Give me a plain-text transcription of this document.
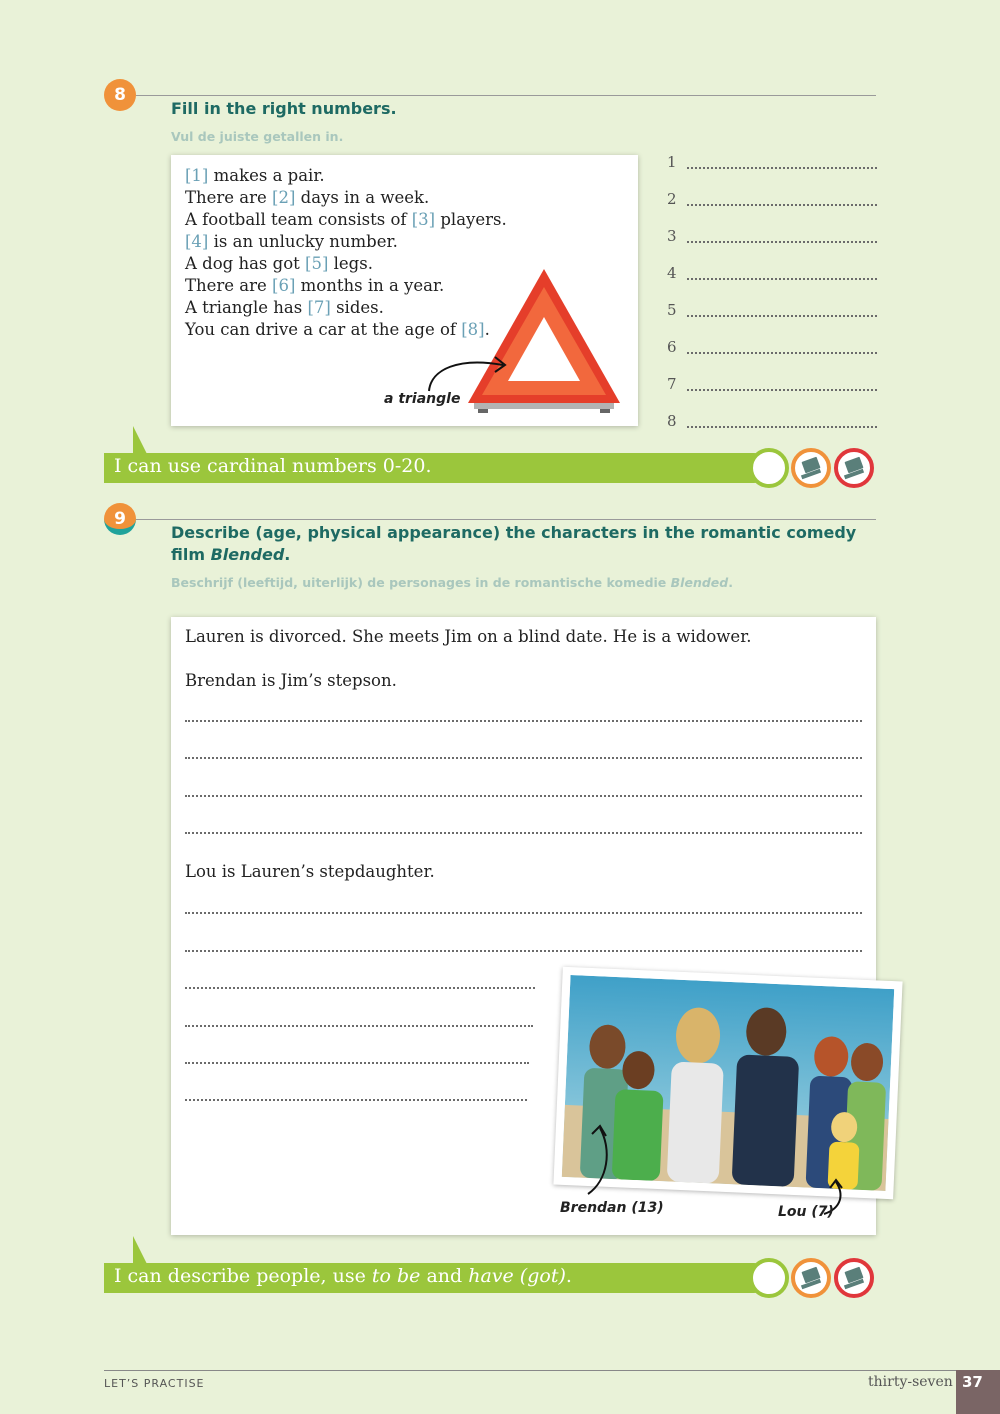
8
Fill in the right numbers.
Vul de juiste getallen in.
[1] makes a pair.
There are [2] days in a week.
A football team consists of [3] players.
[4] is an unlucky number.
A dog has got [5] legs.
There are [6] months in a year.
A triangle has [7] sides.
You can drive a car at the age of [8].
a triangle
1
2
3
4
5
6
7
8
I can use cardinal numbers 0-20.
9
Describe (age, physical appearance) the characters in the romantic comedy film Blended.
Beschrijf (leeftijd, uiterlijk) de personages in de romantische komedie Blended.
Lauren is divorced. She meets Jim on a blind date. He is a widower.
Brendan is Jim’s stepson.
Lou is Lauren’s stepdaughter.
Brendan (13)	Lou (7)
I can describe people, use to be and have (got).
LET’S PRACTISE	thirty-seven 37
